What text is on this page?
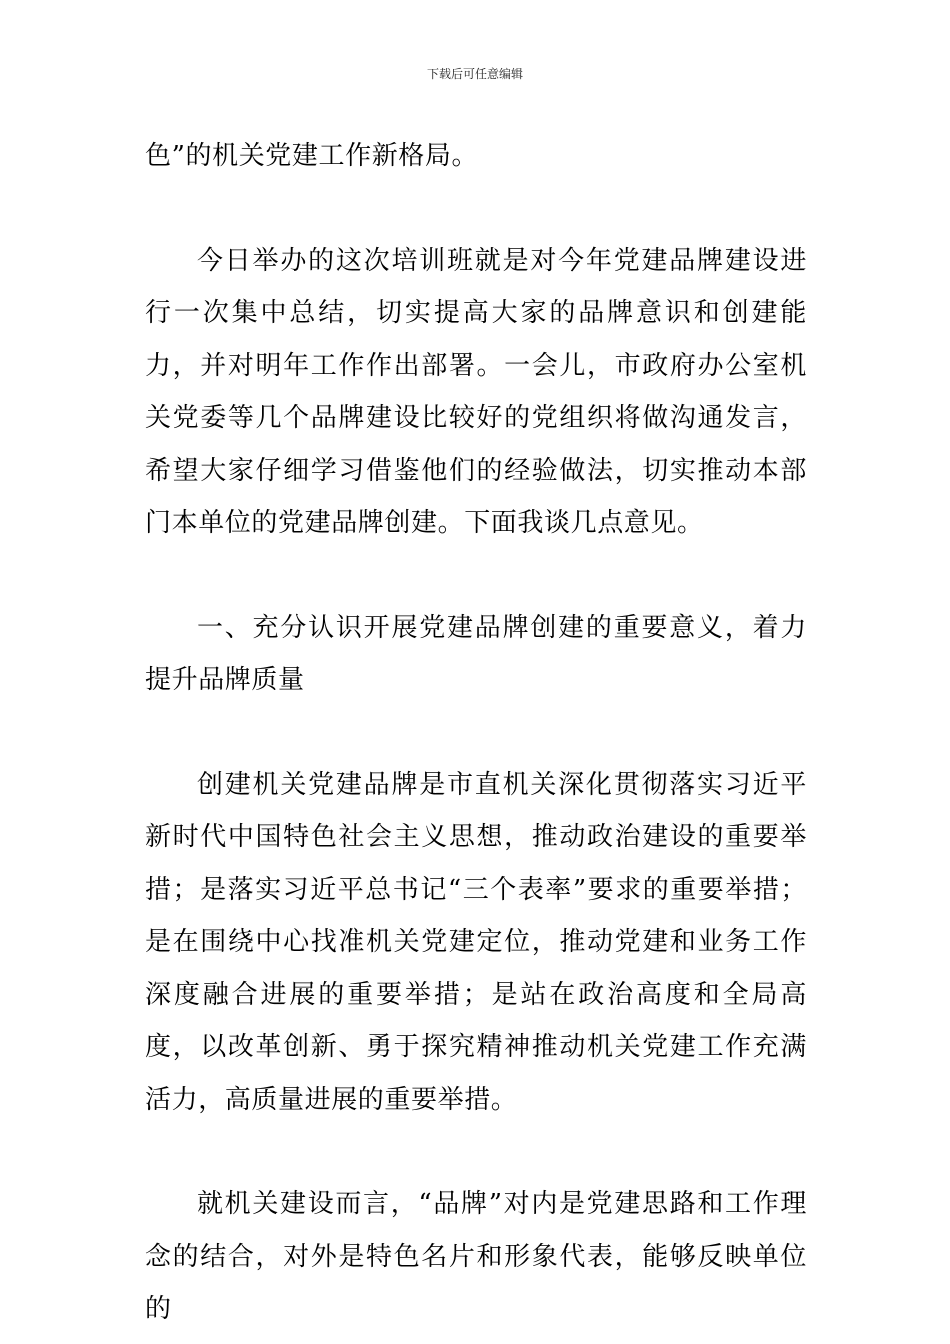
下载后可任意编辑

色”的机关党建工作新格局。

今日举办的这次培训班就是对今年党建品牌建设进行一次集中总结，切实提高大家的品牌意识和创建能力，并对明年工作作出部署。一会儿，市政府办公室机关党委等几个品牌建设比较好的党组织将做沟通发言，希望大家仔细学习借鉴他们的经验做法，切实推动本部门本单位的党建品牌创建。下面我谈几点意见。

一、充分认识开展党建品牌创建的重要意义，着力提升品牌质量

创建机关党建品牌是市直机关深化贯彻落实习近平新时代中国特色社会主义思想，推动政治建设的重要举措；是落实习近平总书记“三个表率”要求的重要举措；是在围绕中心找准机关党建定位，推动党建和业务工作深度融合进展的重要举措；是站在政治高度和全局高度，以改革创新、勇于探究精神推动机关党建工作充满活力，高质量进展的重要举措。

就机关建设而言，“品牌”对内是党建思路和工作理念的结合，对外是特色名片和形象代表，能够反映单位的
